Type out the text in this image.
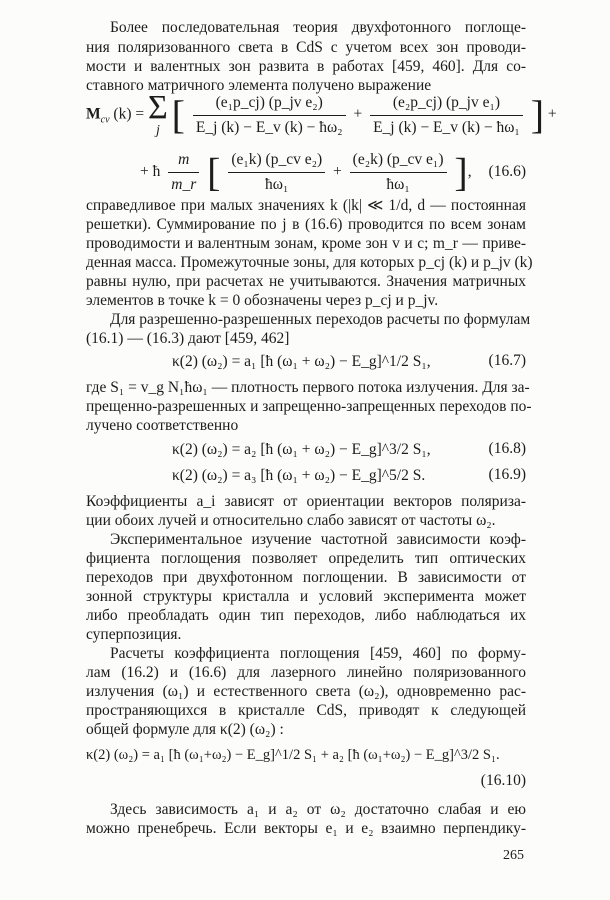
Более последовательная теория двухфотонного поглоще-
ния поляризованного света в CdS с учетом всех зон проводи-
мости и валентных зон развита в работах [459, 460]. Для со-
ставного матричного элемента получено выражение
$M_{cv}$ (k) = Σ
j [ $\frac{\text{(e₁p\_cj) (p\_jv e₂)}}{\text{E\_j (k) − E\_v (k) − ħω₂}} + \frac{\text{(e₂p\_cj) (p\_jv e₁)}}{\text{E\_j (k) − E\_v (k) − ħω₁}}$ ] +
+ ħ $\frac{m}{m\_r}$ [ $\frac{\text{(e₁k) (p\_cv e₂)}}{\text{ħω₁}} + \frac{\text{(e₂k) (p\_cv e₁)}}{\text{ħω₁}}$ ], (16.6)
справедливое при малых значениях k (|k| ≪ 1/d, d — постоянная
решетки). Суммирование по j в (16.6) проводится по всем зонам
проводимости и валентным зонам, кроме зон v и c; m_r — приве-
денная масса. Промежуточные зоны, для которых p_cj (k) и p_jv (k)
равны нулю, при расчетах не учитываются. Значения матричных
элементов в точке k = 0 обозначены через p_cj и p_jv.
Для разрешенно-разрешенных переходов расчеты по формулам
(16.1) — (16.3) дают [459, 462]
κ(2) (ω₂) = a₁ [ħ (ω₁ + ω₂) − E_g]^1/2 S₁,	(16.7)
где S₁ = v_g N₁ħω₁ — плотность первого потока излучения. Для за-
прещенно-разрешенных и запрещенно-запрещенных переходов по-
лучено соответственно
κ(2) (ω₂) = a₂ [ħ (ω₁ + ω₂) − E_g]^3/2 S₁,	(16.8)
κ(2) (ω₂) = a₃ [ħ (ω₁ + ω₂) − E_g]^5/2 S.	(16.9)
Коэффициенты a_i зависят от ориентации векторов поляриза-
ции обоих лучей и относительно слабо зависят от частоты ω₂.
Экспериментальное изучение частотной зависимости коэф-
фициента поглощения позволяет определить тип оптических
переходов при двухфотонном поглощении. В зависимости от
зонной структуры кристалла и условий эксперимента может
либо преобладать один тип переходов, либо наблюдаться их
суперпозиция.
Расчеты коэффициента поглощения [459, 460] по форму-
лам (16.2) и (16.6) для лазерного линейно поляризованного
излучения (ω₁) и естественного света (ω₂), одновременно рас-
пространяющихся в кристалле CdS, приводят к следующей
общей формуле для κ(2) (ω₂) :
κ(2) (ω₂) = a₁ [ħ (ω₁+ω₂) − E_g]^1/2 S₁ + a₂ [ħ (ω₁+ω₂) − E_g]^3/2 S₁.
(16.10)
Здесь зависимость a₁ и a₂ от ω₂ достаточно слабая и ею
можно пренебречь. Если векторы e₁ и e₂ взаимно перпендику-
265
